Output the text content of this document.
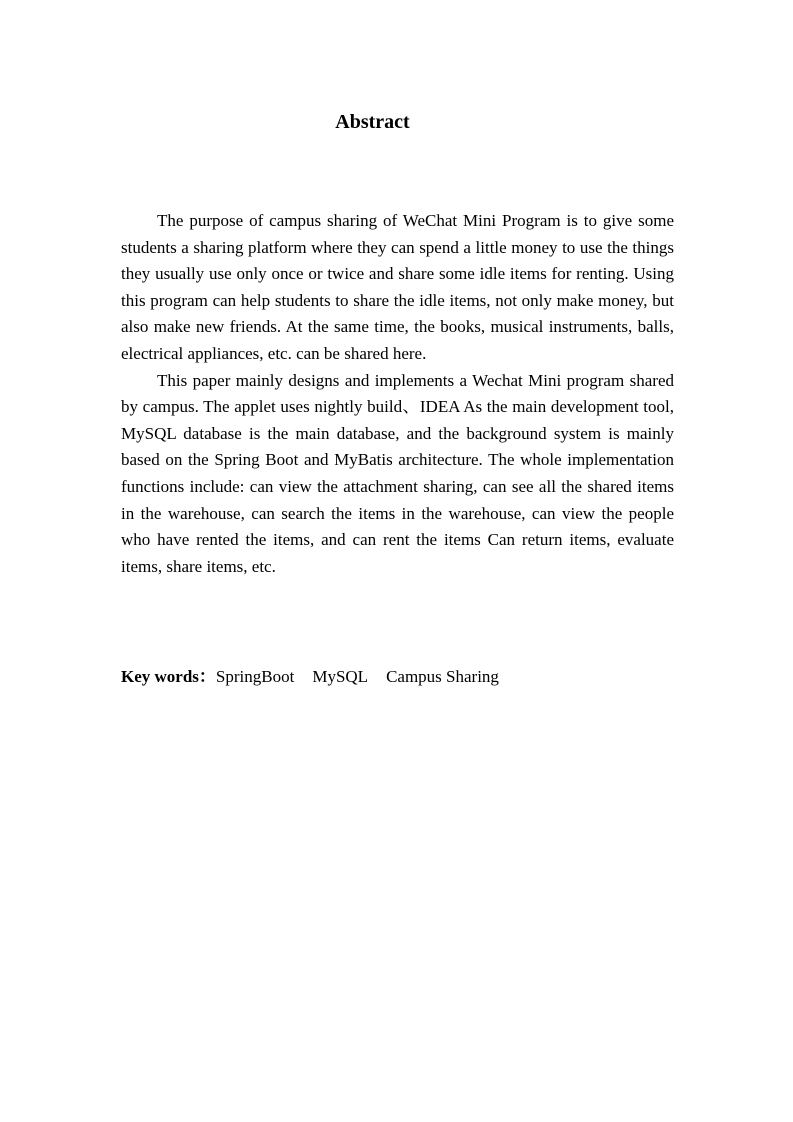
Abstract

The purpose of campus sharing of WeChat Mini Program is to give some students a sharing platform where they can spend a little money to use the things they usually use only once or twice and share some idle items for renting. Using this program can help students to share the idle items, not only make money, but also make new friends. At the same time, the books, musical instruments, balls, electrical appliances, etc. can be shared here.

This paper mainly designs and implements a Wechat Mini program shared by campus. The applet uses nightly build、IDEA As the main development tool, MySQL database is the main database, and the background system is mainly based on the Spring Boot and MyBatis architecture. The whole implementation functions include: can view the attachment sharing, can see all the shared items in the warehouse, can search the items in the warehouse, can view the people who have rented the items, and can rent the items Can return items, evaluate items, share items, etc.

Key words：SpringBoot MySQL Campus Sharing
